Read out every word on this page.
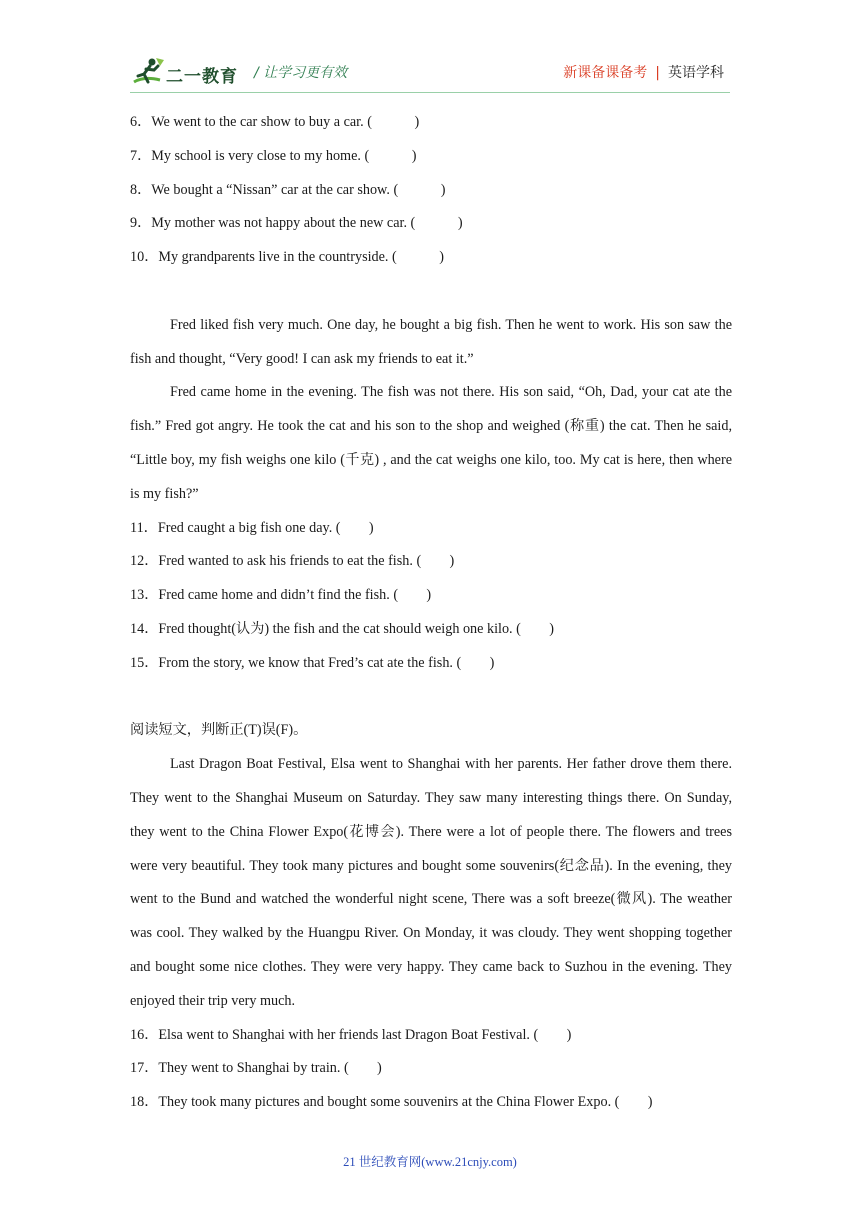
二一教育 / 让学习更有效	新课备课备考 | 英语学科
6．We went to the car show to buy a car. (　　　)
7．My school is very close to my home. (　　　)
8．We bought a “Nissan” car at the car show. (　　　)
9．My mother was not happy about the new car. (　　　)
10．My grandparents live in the countryside. (　　　)
Fred liked fish very much. One day, he bought a big fish. Then he went to work. His son saw the fish and thought, “Very good! I can ask my friends to eat it.”
Fred came home in the evening. The fish was not there. His son said, “Oh, Dad, your cat ate the fish.” Fred got angry. He took the cat and his son to the shop and weighed (称重) the cat. Then he said, “Little boy, my fish weighs one kilo (千克) , and the cat weighs one kilo, too. My cat is here, then where is my fish?”
11．Fred caught a big fish one day. (　　)
12．Fred wanted to ask his friends to eat the fish. (　　)
13．Fred came home and didn’t find the fish. (　　)
14．Fred thought(认为) the fish and the cat should weigh one kilo. (　　)
15．From the story, we know that Fred’s cat ate the fish. (　　)
阅读短文，判断正(T)误(F)。
Last Dragon Boat Festival, Elsa went to Shanghai with her parents. Her father drove them there. They went to the Shanghai Museum on Saturday. They saw many interesting things there. On Sunday, they went to the China Flower Expo(花博会). There were a lot of people there. The flowers and trees were very beautiful. They took many pictures and bought some souvenirs(纪念品). In the evening, they went to the Bund and watched the wonderful night scene, There was a soft breeze(微风). The weather was cool. They walked by the Huangpu River. On Monday, it was cloudy. They went shopping together and bought some nice clothes. They were very happy. They came back to Suzhou in the evening. They enjoyed their trip very much.
16．Elsa went to Shanghai with her friends last Dragon Boat Festival. (　　)
17．They went to Shanghai by train. (　　)
18．They took many pictures and bought some souvenirs at the China Flower Expo. (　　)
21 世纪教育网(www.21cnjy.com)
